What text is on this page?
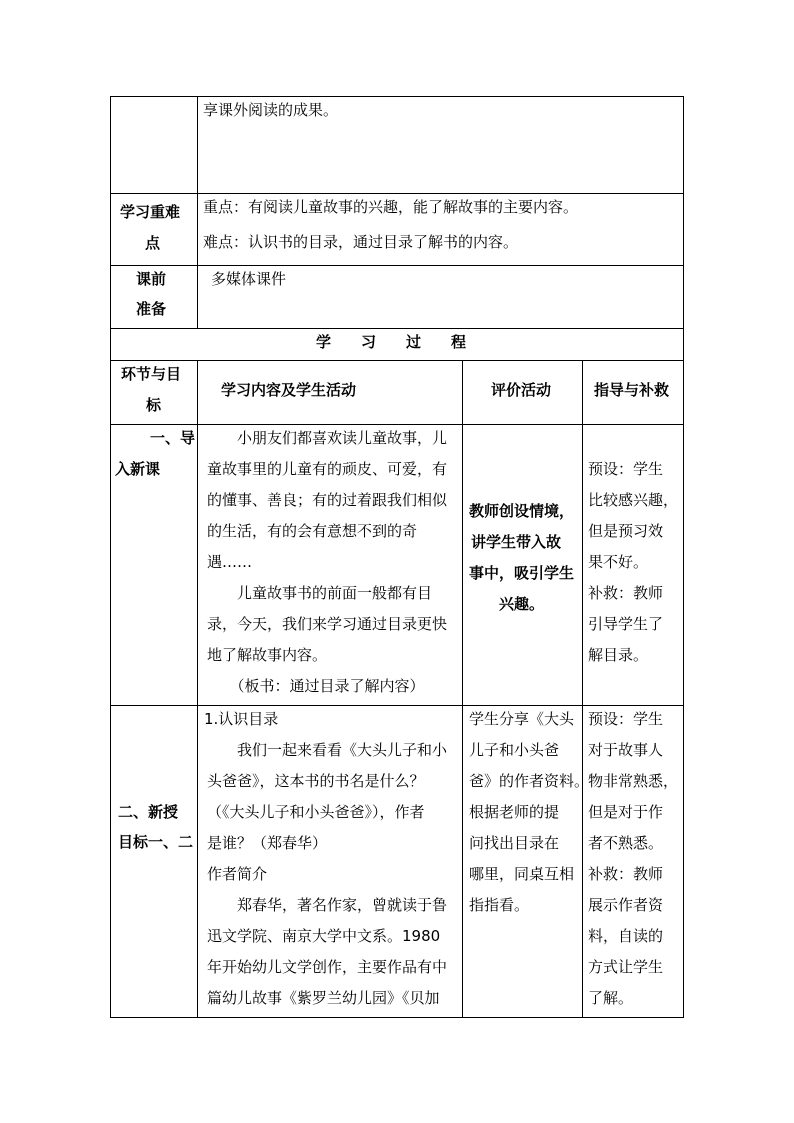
享课外阅读的成果。
学习重难
点
重点：有阅读儿童故事的兴趣，能了解故事的主要内容。
难点：认识书的目录，通过目录了解书的内容。
课前
准备
多媒体课件
学　　习　　过　　程
环节与目
标
学习内容及学生活动	评价活动	指导与补救
一、导
入新课
　　小朋友们都喜欢读儿童故事，儿
童故事里的儿童有的顽皮、可爱，有
的懂事、善良；有的过着跟我们相似
的生活，有的会有意想不到的奇
遇……
　　儿童故事书的前面一般都有目
录，今天，我们来学习通过目录更快
地了解故事内容。
　　（板书：通过目录了解内容）
教师创设情境，
讲学生带入故
事中，吸引学生
兴趣。
预设：学生
比较感兴趣，
但是预习效
果不好。
补救：教师
引导学生了
解目录。
二、新授
目标一、二
1.认识目录
　　我们一起来看看《大头儿子和小
头爸爸》，这本书的书名是什么？
（《大头儿子和小头爸爸》），作者
是谁？（郑春华）
作者简介
　　郑春华，著名作家，曾就读于鲁
迅文学院、南京大学中文系。1980
年开始幼儿文学创作，主要作品有中
篇幼儿故事《紫罗兰幼儿园》《贝加
学生分享《大头
儿子和小头爸
爸》的作者资料。
根据老师的提
问找出目录在
哪里，同桌互相
指指看。
预设：学生
对于故事人
物非常熟悉，
但是对于作
者不熟悉。
补救：教师
展示作者资
料，自读的
方式让学生
了解。
